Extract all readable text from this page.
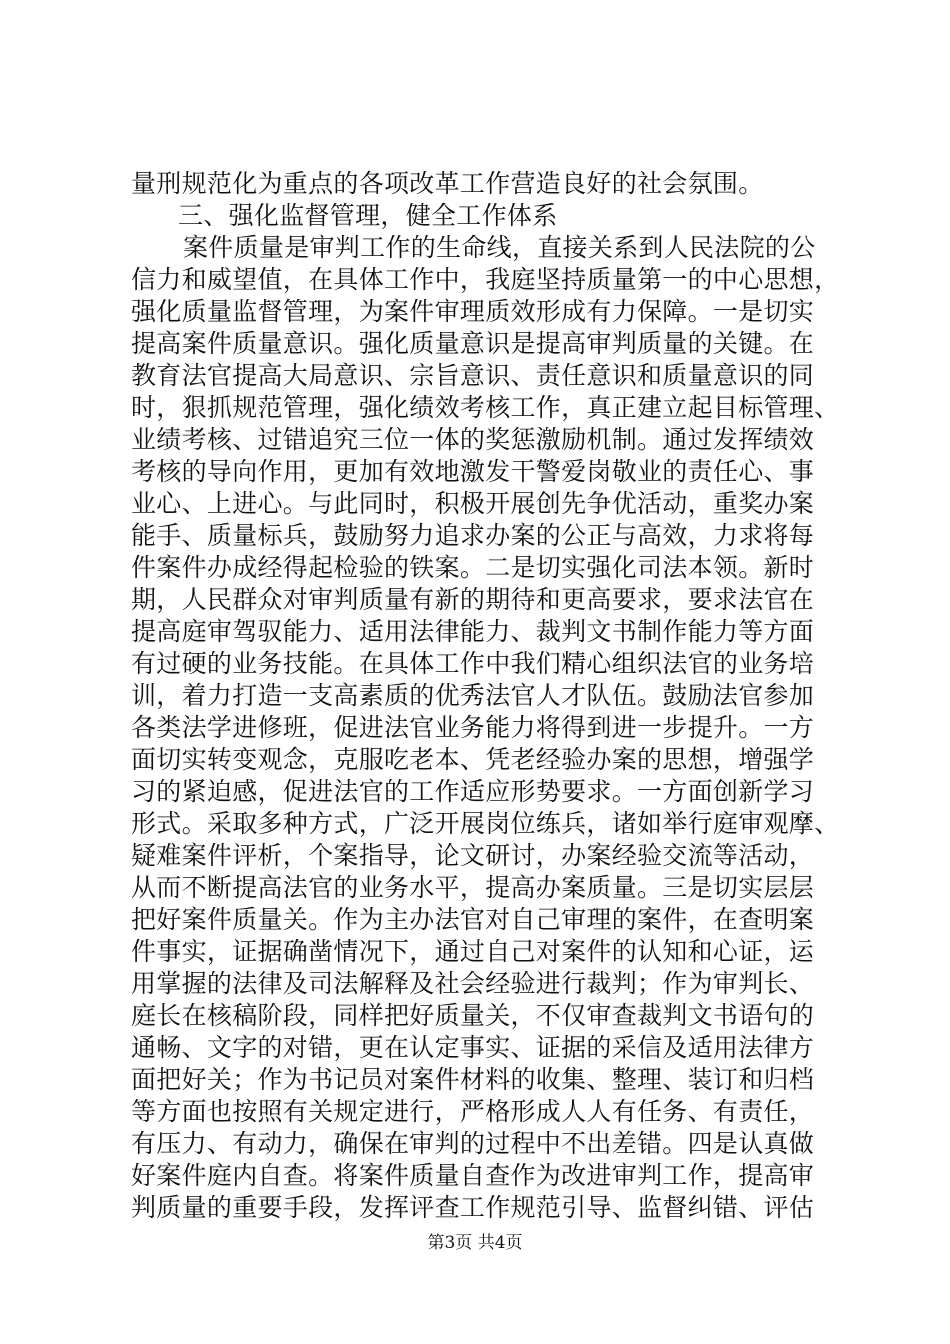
量刑规范化为重点的各项改革工作营造良好的社会氛围。
三、强化监督管理，健全工作体系
案件质量是审判工作的生命线，直接关系到人民法院的公
信力和威望值，在具体工作中，我庭坚持质量第一的中心思想，
强化质量监督管理，为案件审理质效形成有力保障。一是切实
提高案件质量意识。强化质量意识是提高审判质量的关键。在
教育法官提高大局意识、宗旨意识、责任意识和质量意识的同
时，狠抓规范管理，强化绩效考核工作，真正建立起目标管理、
业绩考核、过错追究三位一体的奖惩激励机制。通过发挥绩效
考核的导向作用，更加有效地激发干警爱岗敬业的责任心、事
业心、上进心。与此同时，积极开展创先争优活动，重奖办案
能手、质量标兵，鼓励努力追求办案的公正与高效，力求将每
件案件办成经得起检验的铁案。二是切实强化司法本领。新时
期，人民群众对审判质量有新的期待和更高要求，要求法官在
提高庭审驾驭能力、适用法律能力、裁判文书制作能力等方面
有过硬的业务技能。在具体工作中我们精心组织法官的业务培
训，着力打造一支高素质的优秀法官人才队伍。鼓励法官参加
各类法学进修班，促进法官业务能力将得到进一步提升。一方
面切实转变观念，克服吃老本、凭老经验办案的思想，增强学
习的紧迫感，促进法官的工作适应形势要求。一方面创新学习
形式。采取多种方式，广泛开展岗位练兵，诸如举行庭审观摩、
疑难案件评析，个案指导，论文研讨，办案经验交流等活动，
从而不断提高法官的业务水平，提高办案质量。三是切实层层
把好案件质量关。作为主办法官对自己审理的案件，在查明案
件事实，证据确凿情况下，通过自己对案件的认知和心证，运
用掌握的法律及司法解释及社会经验进行裁判；作为审判长、
庭长在核稿阶段，同样把好质量关，不仅审查裁判文书语句的
通畅、文字的对错，更在认定事实、证据的采信及适用法律方
面把好关；作为书记员对案件材料的收集、整理、装订和归档
等方面也按照有关规定进行，严格形成人人有任务、有责任，
有压力、有动力，确保在审判的过程中不出差错。四是认真做
好案件庭内自查。将案件质量自查作为改进审判工作，提高审
判质量的重要手段，发挥评查工作规范引导、监督纠错、评估
第3页 共4页
